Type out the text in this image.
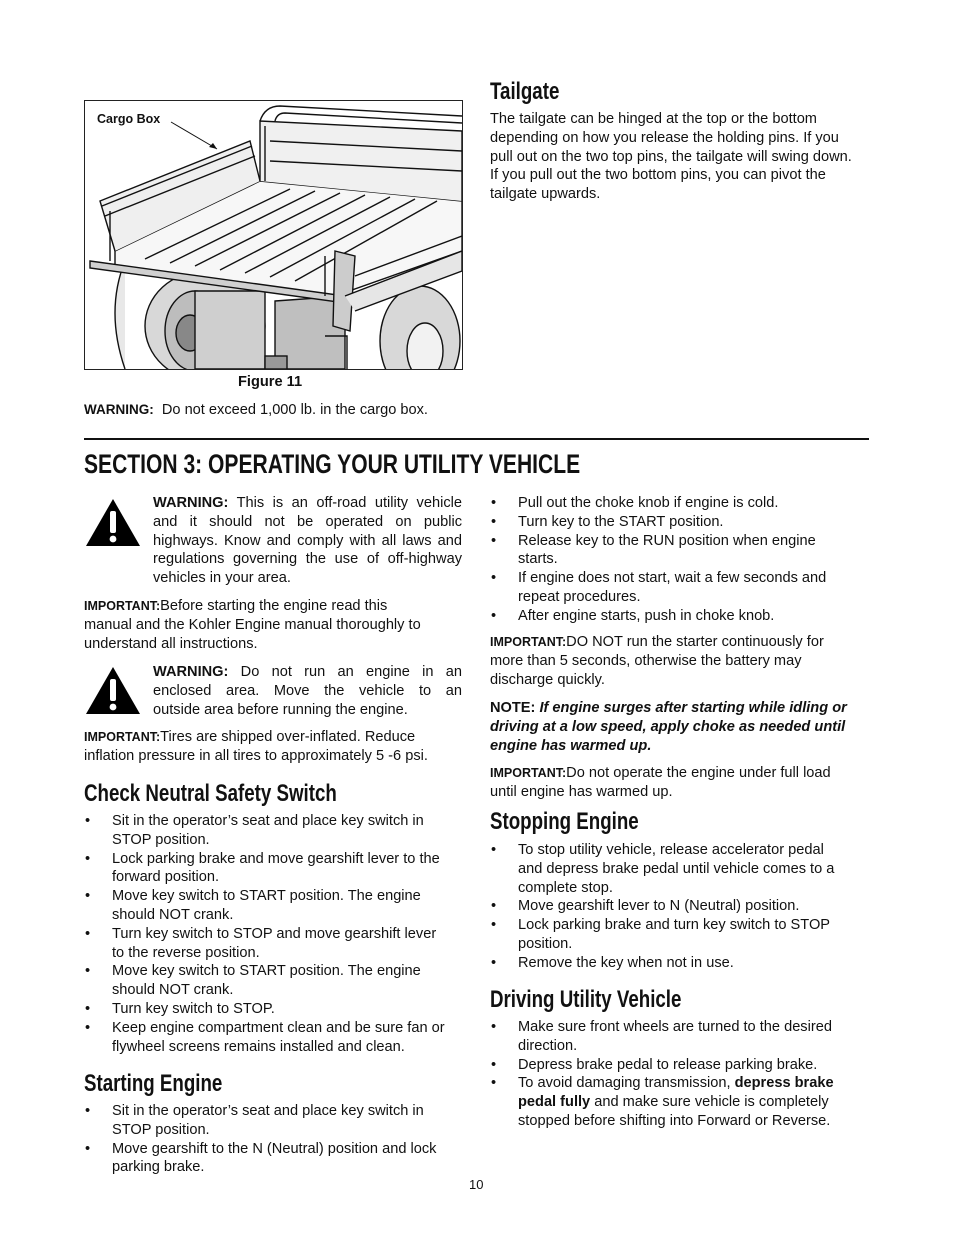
Cargo Box
Figure 11
WARNING: Do not exceed 1,000 lb. in the cargo box.
Tailgate
The tailgate can be hinged at the top or the bottom
depending on how you release the holding pins. If you
pull out on the two top pins, the tailgate will swing down.
If you pull out the two bottom pins, you can pivot the
tailgate upwards.
SECTION 3: OPERATING YOUR UTILITY VEHICLE
WARNING: This is an off-road utility vehicle
and it should not be operated on public
highways. Know and comply with all laws and
regulations governing the use of off-highway
vehicles in your area.
IMPORTANT:Before starting the engine read this
manual and the Kohler Engine manual thoroughly to
understand all instructions.
WARNING: Do not run an engine in an
enclosed area. Move the vehicle to an
outside area before running the engine.
IMPORTANT:Tires are shipped over-inflated. Reduce
inflation pressure in all tires to approximately 5 -6 psi.
Check Neutral Safety Switch
• Sit in the operator’s seat and place key switch in
STOP position.
• Lock parking brake and move gearshift lever to the
forward position.
• Move key switch to START position. The engine
should NOT crank.
• Turn key switch to STOP and move gearshift lever
to the reverse position.
• Move key switch to START position. The engine
should NOT crank.
• Turn key switch to STOP.
• Keep engine compartment clean and be sure fan or
flywheel screens remains installed and clean.
Starting Engine
• Sit in the operator’s seat and place key switch in
STOP position.
• Move gearshift to the N (Neutral) position and lock
parking brake.
• Pull out the choke knob if engine is cold.
• Turn key to the START position.
• Release key to the RUN position when engine
starts.
• If engine does not start, wait a few seconds and
repeat procedures.
• After engine starts, push in choke knob.
IMPORTANT:DO NOT run the starter continuously for
more than 5 seconds, otherwise the battery may
discharge quickly.
NOTE: If engine surges after starting while idling or
driving at a low speed, apply choke as needed until
engine has warmed up.
IMPORTANT:Do not operate the engine under full load
until engine has warmed up.
Stopping Engine
• To stop utility vehicle, release accelerator pedal
and depress brake pedal until vehicle comes to a
complete stop.
• Move gearshift lever to N (Neutral) position.
• Lock parking brake and turn key switch to STOP
position.
• Remove the key when not in use.
Driving Utility Vehicle
• Make sure front wheels are turned to the desired
direction.
• Depress brake pedal to release parking brake.
• To avoid damaging transmission, depress brake
pedal fully and make sure vehicle is completely
stopped before shifting into Forward or Reverse.
10
